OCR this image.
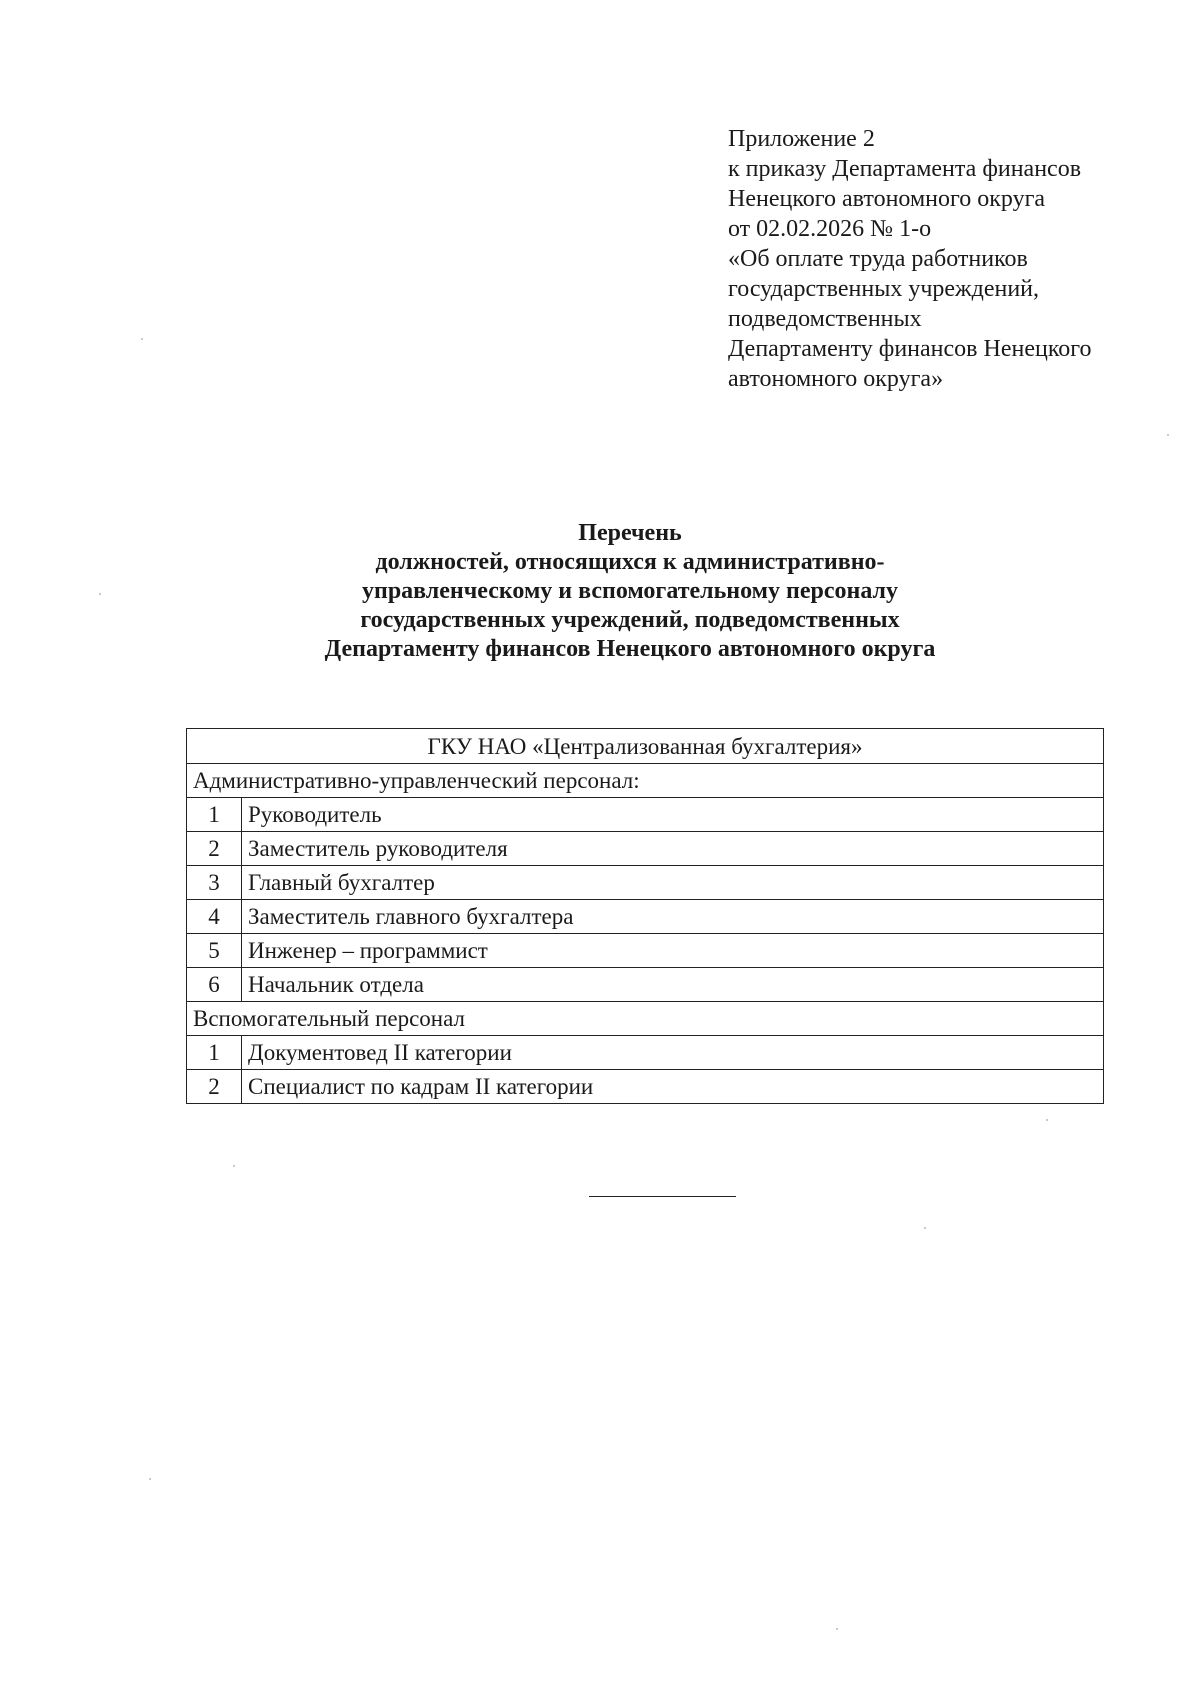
Приложение 2
к приказу Департамента финансов
Ненецкого автономного округа
от 02.02.2026 № 1-о
«Об оплате труда работников
государственных учреждений,
подведомственных
Департаменту финансов Ненецкого
автономного округа»
Перечень
должностей, относящихся к административно-
управленческому и вспомогательному персоналу
государственных учреждений, подведомственных
Департаменту финансов Ненецкого автономного округа
ГКУ НАО «Централизованная бухгалтерия»	
Административно-управленческий персонал:	
1	Руководитель
2	Заместитель руководителя
3	Главный бухгалтер
4	Заместитель главного бухгалтера
5	Инженер – программист
6	Начальник отдела
Вспомогательный персонал	
1	Документовед II категории
2	Специалист по кадрам II категории
